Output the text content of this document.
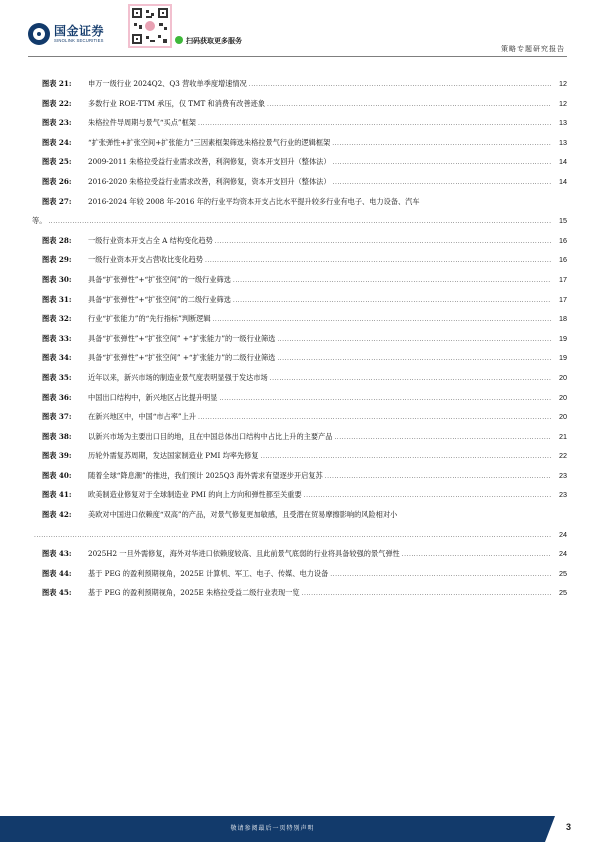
国金证券
SINOLINK SECURITIES	扫码获取更多服务
策略专题研究报告
图表 21:	申万一级行业 2024Q2、Q3 营收单季度增速情况 .....	12
图表 22:	多数行业 ROE-TTM 承压，仅 TMT 和消费有改善迹象 .....	12
图表 23:	朱格拉件导周期与景气“买点”框架 .....	13
图表 24:	“扩张弹性+扩张空间+扩张能力”三因素框架筛选朱格拉景气行业的逻辑框架 .....	13
图表 25:	2009-2011 朱格拉受益行业需求改善，利润修复，资本开支回升（整体法） .....	14
图表 26:	2016-2020 朱格拉受益行业需求改善，利润修复，资本开支回升（整体法） .....	14
图表 27:	2016-2024 年较 2008 年-2016 年的行业平均资本开支占比水平提升较多行业有电子、电力设备、汽车
等。 .....	15
图表 28:	一级行业资本开支占全 A 结构变化趋势 .....	16
图表 29:	一级行业资本开支占营收比变化趋势 .....	16
图表 30:	具备“扩张弹性”+“扩张空间”的一级行业筛选 .....	17
图表 31:	具备“扩张弹性”+“扩张空间”的二级行业筛选 .....	17
图表 32:	行业“扩张能力”的“先行指标”判断逻辑 .....	18
图表 33:	具备“扩张弹性”+“扩张空间” +“扩张能力”的一级行业筛选 .....	19
图表 34:	具备“扩张弹性”+“扩张空间” +“扩张能力”的二级行业筛选 .....	19
图表 35:	近年以来，新兴市场的制造业景气度表明显强于发达市场 .....	20
图表 36:	中国出口结构中，新兴地区占比提升明显 .....	20
图表 37:	在新兴地区中，中国“市占率”上升 .....	20
图表 38:	以新兴市场为主要出口目的地，且在中国总体出口结构中占比上升的主要产品 .....	21
图表 39:	历轮外需复苏周期，发达国家制造业 PMI 均率先修复 .....	22
图表 40:	随着全球“降息潮”的推进，我们预计 2025Q3 海外需求有望逐步开启复苏 .....	23
图表 41:	欧美制造业修复对于全球制造业 PMI 的向上方向和弹性都至关重要 .....	23
图表 42:	美欧对中国进口依赖度“双高”的产品，对景气修复更加敏感，且受潜在贸易摩擦影响的风险相对小
.....
24
图表 43:	2025H2 一旦外需修复，海外对华进口依赖度较高、且此前景气底弱的行业将具备较强的景气弹性 .....	24
图表 44:	基于 PEG 的盈利预期视角，2025E 计算机、军工、电子、传媒、电力设备 .....	25
图表 45:	基于 PEG 的盈利预期视角，2025E 朱格拉受益二级行业表现一览 .....	25
敬请参阅最后一页特别声明	3
